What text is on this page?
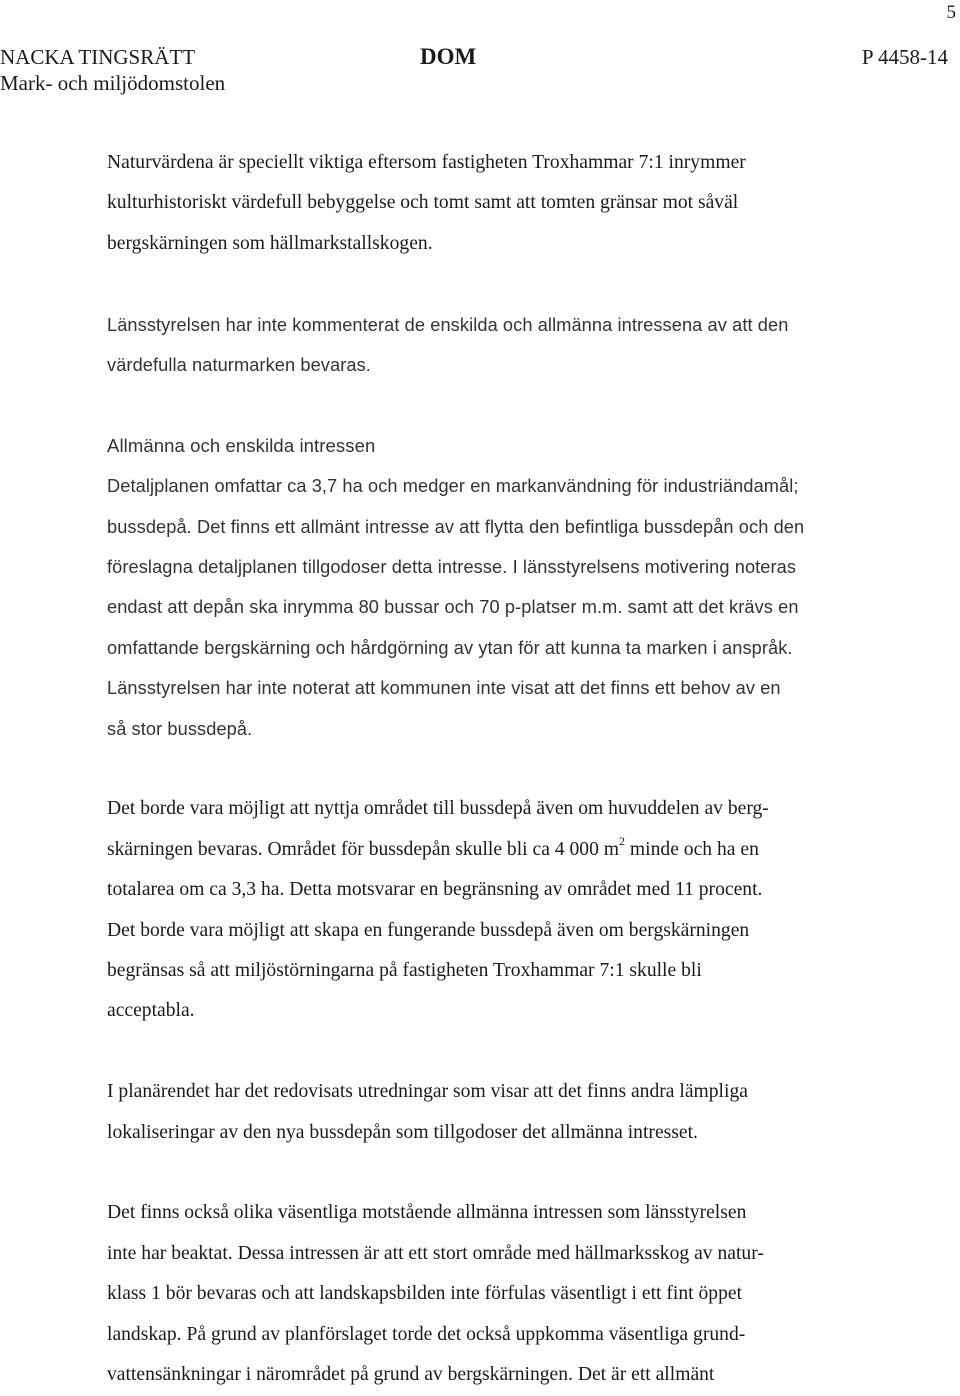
5
NACKA TINGSRÄTT
Mark- och miljödomstolen
DOM	P 4458-14

Naturvärdena är speciellt viktiga eftersom fastigheten Troxhammar 7:1 inrymmer
kulturhistoriskt värdefull bebyggelse och tomt samt att tomten gränsar mot såväl
bergskärningen som hällmarkstallskogen.

Länsstyrelsen har inte kommenterat de enskilda och allmänna intressena av att den
värdefulla naturmarken bevaras.

Allmänna och enskilda intressen
Detaljplanen omfattar ca 3,7 ha och medger en markanvändning för industriändamål;
bussdepå. Det finns ett allmänt intresse av att flytta den befintliga bussdepån och den
föreslagna detaljplanen tillgodoser detta intresse. I länsstyrelsens motivering noteras
endast att depån ska inrymma 80 bussar och 70 p-platser m.m. samt att det krävs en
omfattande bergskärning och hårdgörning av ytan för att kunna ta marken i anspråk.
Länsstyrelsen har inte noterat att kommunen inte visat att det finns ett behov av en
så stor bussdepå.

Det borde vara möjligt att nyttja området till bussdepå även om huvuddelen av berg-
skärningen bevaras. Området för bussdepån skulle bli ca 4 000 $m^2$ minde och ha en
totalarea om ca 3,3 ha. Detta motsvarar en begränsning av området med 11 procent.
Det borde vara möjligt att skapa en fungerande bussdepå även om bergskärningen
begränsas så att miljöstörningarna på fastigheten Troxhammar 7:1 skulle bli
acceptabla.

I planärendet har det redovisats utredningar som visar att det finns andra lämpliga
lokaliseringar av den nya bussdepån som tillgodoser det allmänna intresset.

Det finns också olika väsentliga motstående allmänna intressen som länsstyrelsen
inte har beaktat. Dessa intressen är att ett stort område med hällmarksskog av natur-
klass 1 bör bevaras och att landskapsbilden inte förfulas väsentligt i ett fint öppet
landskap. På grund av planförslaget torde det också uppkomma väsentliga grund-
vattensänkningar i närområdet på grund av bergskärningen. Det är ett allmänt
